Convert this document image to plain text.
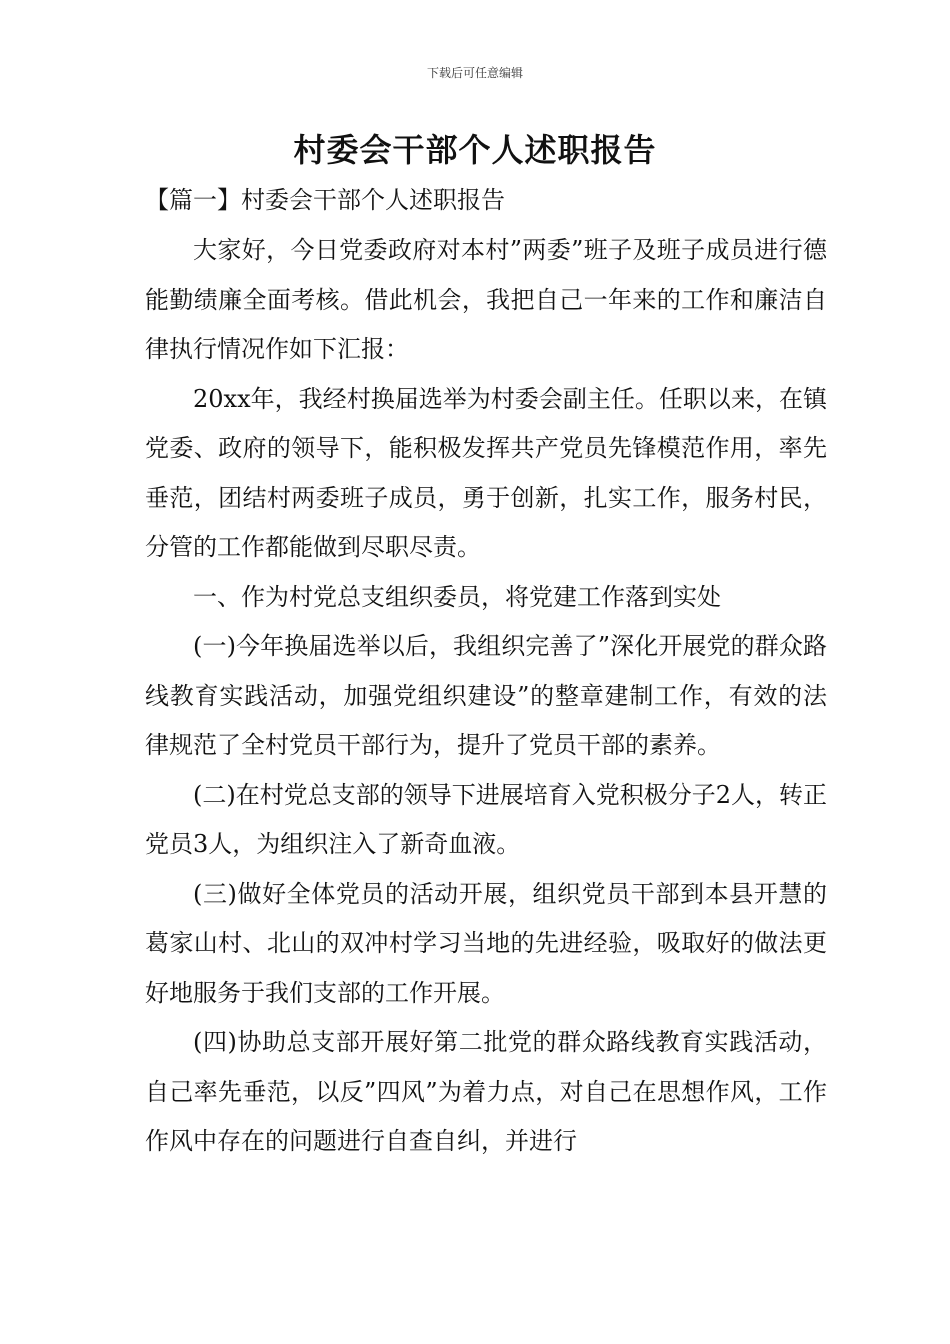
下载后可任意编辑
村委会干部个人述职报告
【篇一】村委会干部个人述职报告

大家好，今日党委政府对本村”两委”班子及班子成员进行德能勤绩廉全面考核。借此机会，我把自己一年来的工作和廉洁自律执行情况作如下汇报：

20xx年，我经村换届选举为村委会副主任。任职以来，在镇党委、政府的领导下，能积极发挥共产党员先锋模范作用，率先垂范，团结村两委班子成员，勇于创新，扎实工作，服务村民，分管的工作都能做到尽职尽责。

一、作为村党总支组织委员，将党建工作落到实处

(一)今年换届选举以后，我组织完善了”深化开展党的群众路线教育实践活动，加强党组织建设”的整章建制工作，有效的法律规范了全村党员干部行为，提升了党员干部的素养。

(二)在村党总支部的领导下进展培育入党积极分子2人，转正党员3人，为组织注入了新奇血液。

(三)做好全体党员的活动开展，组织党员干部到本县开慧的葛家山村、北山的双冲村学习当地的先进经验，吸取好的做法更好地服务于我们支部的工作开展。

(四)协助总支部开展好第二批党的群众路线教育实践活动，自己率先垂范，以反”四风”为着力点，对自己在思想作风，工作作风中存在的问题进行自查自纠，并进行
